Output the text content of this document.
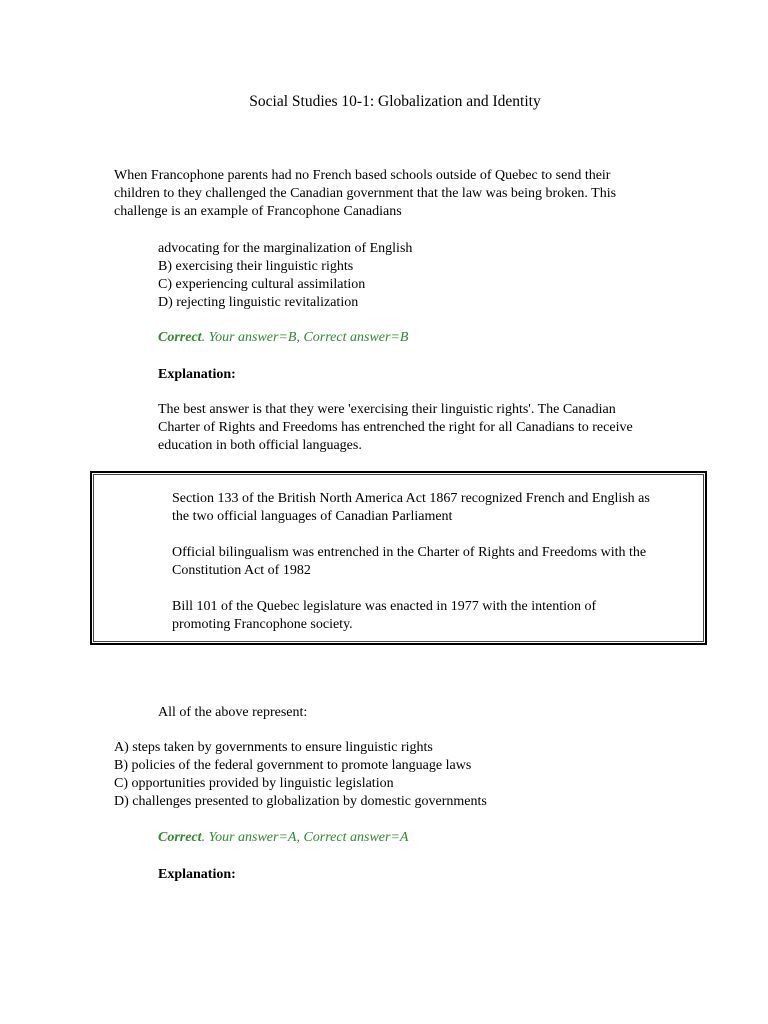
Social Studies 10-1: Globalization and Identity
When Francophone parents had no French based schools outside of Quebec to send their
children to they challenged the Canadian government that the law was being broken. This
challenge is an example of Francophone Canadians
advocating for the marginalization of English
B) exercising their linguistic rights
C) experiencing cultural assimilation
D) rejecting linguistic revitalization
Correct. Your answer=B, Correct answer=B
Explanation:
The best answer is that they were 'exercising their linguistic rights'. The Canadian
Charter of Rights and Freedoms has entrenched the right for all Canadians to receive
education in both official languages.
Section 133 of the British North America Act 1867 recognized French and English as
the two official languages of Canadian Parliament
Official bilingualism was entrenched in the Charter of Rights and Freedoms with the
Constitution Act of 1982
Bill 101 of the Quebec legislature was enacted in 1977 with the intention of
promoting Francophone society.
All of the above represent:
A) steps taken by governments to ensure linguistic rights
B) policies of the federal government to promote language laws
C) opportunities provided by linguistic legislation
D) challenges presented to globalization by domestic governments
Correct. Your answer=A, Correct answer=A
Explanation:
